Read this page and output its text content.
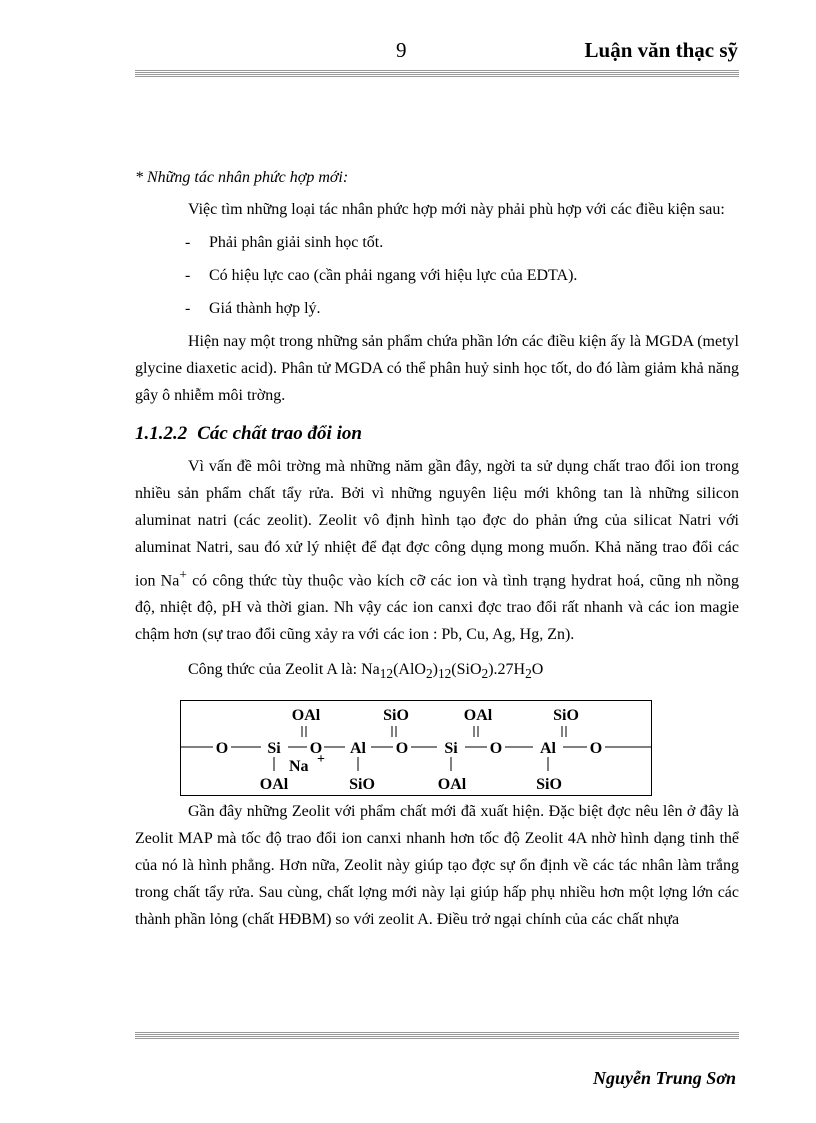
9	Luận văn thạc sỹ

* Những tác nhân phức hợp mới:

Việc tìm những loại tác nhân phức hợp mới này phải phù hợp với các điều kiện sau:

- Phải phân giải sinh học tốt.

- Có hiệu lực cao (cần phải ngang với hiệu lực của EDTA).

- Giá thành hợp lý.

Hiện nay một trong những sản phẩm chứa phần lớn các điều kiện ấy là MGDA (metyl glycine diaxetic acid). Phân tử MGDA có thể phân huỷ sinh học tốt, do đó làm giảm khả năng gây ô nhiễm môi trờng.

1.1.2.2 Các chất trao đổi ion

Vì vấn đề môi trờng mà những năm gần đây, ngời ta sử dụng chất trao đổi ion trong nhiều sản phẩm chất tẩy rửa. Bởi vì những nguyên liệu mới không tan là những silicon aluminat natri (các zeolit). Zeolit vô định hình tạo đợc do phản ứng của silicat Natri với aluminat Natri, sau đó xử lý nhiệt để đạt đợc công dụng mong muốn. Khả năng trao đổi các ion Na+ có công thức tùy thuộc vào kích cỡ các ion và tình trạng hydrat hoá, cũng nh nồng độ, nhiệt độ, pH và thời gian. Nh vậy các ion canxi đợc trao đổi rất nhanh và các ion magie chậm hơn (sự trao đổi cũng xảy ra với các ion : Pb, Cu, Ag, Hg, Zn).

Công thức của Zeolit A là: $Na_{12}(AlO_2)_{12}(SiO_2).27H_2O$

OAl	SiO	OAl	SiO
O Si O Al O Si O Al O
Na +
OAl	SiO	OAl	SiO

Gần đây những Zeolit với phẩm chất mới đã xuất hiện. Đặc biệt đợc nêu lên ở đây là Zeolit MAP mà tốc độ trao đổi ion canxi nhanh hơn tốc độ Zeolit 4A nhờ hình dạng tinh thể của nó là hình phẳng. Hơn nữa, Zeolit này giúp tạo đợc sự ổn định về các tác nhân làm trắng trong chất tẩy rửa. Sau cùng, chất lợng mới này lại giúp hấp phụ nhiều hơn một lợng lớn các thành phần lỏng (chất HĐBM) so với zeolit A. Điều trở ngại chính của các chất nhựa

Nguyễn Trung Sơn
